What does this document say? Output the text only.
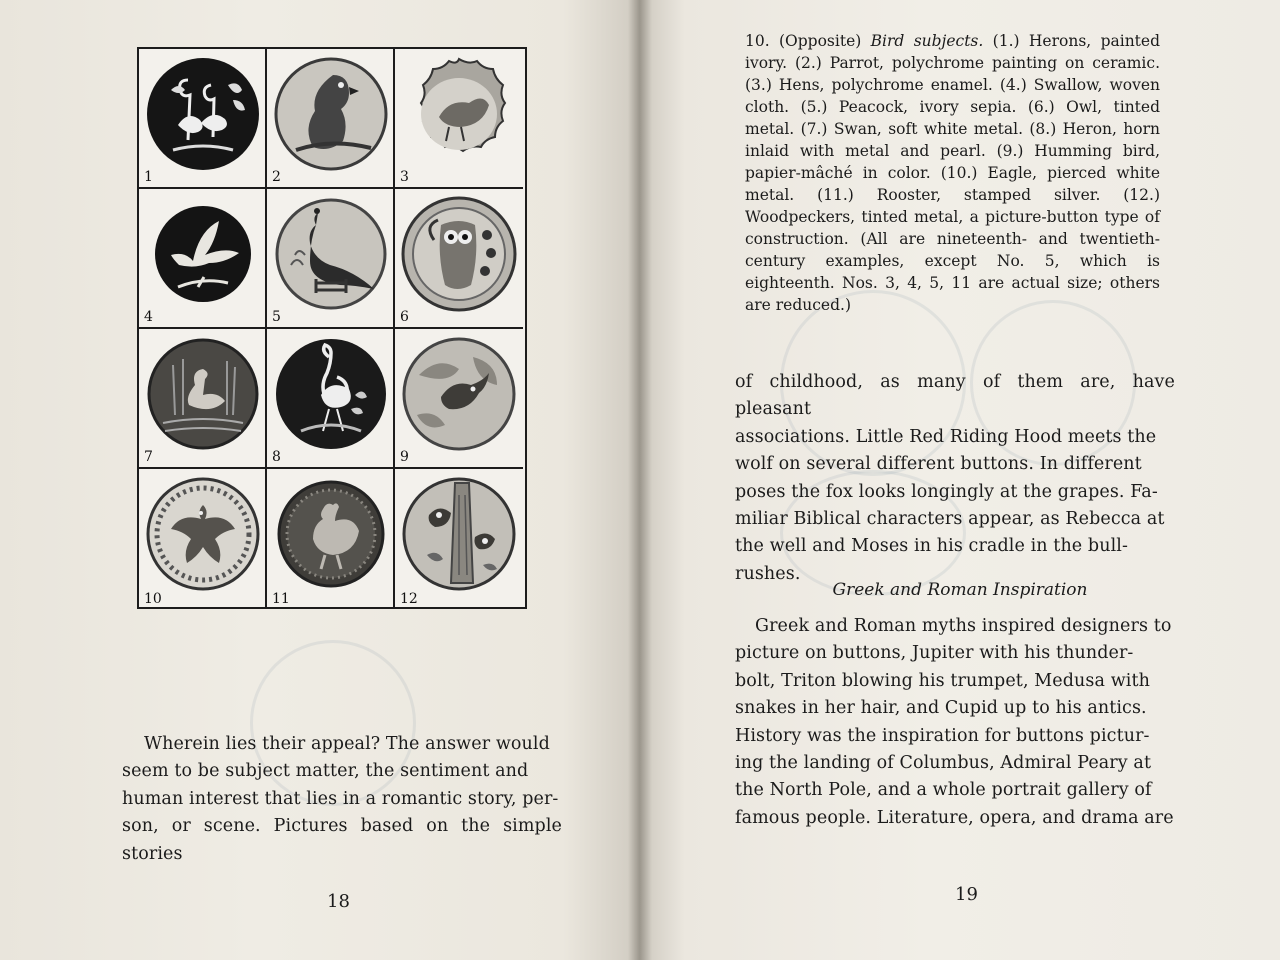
1	2	3
4	5	6
7	8	9
10	11	12
Wherein lies their appeal? The answer would
seem to be subject matter, the sentiment and
human interest that lies in a romantic story, per-
son, or scene. Pictures based on the simple stories
18
10. (Opposite) Bird subjects. (1.) Herons, painted ivory. (2.) Parrot, polychrome painting on ceramic. (3.) Hens, polychrome enamel. (4.) Swallow, woven cloth. (5.) Peacock, ivory sepia. (6.) Owl, tinted metal. (7.) Swan, soft white metal. (8.) Heron, horn inlaid with metal and pearl. (9.) Humming bird, papier-mâché in color. (10.) Eagle, pierced white metal. (11.) Rooster, stamped silver. (12.) Woodpeckers, tinted metal, a picture-button type of construction. (All are nineteenth- and twentieth-century examples, except No. 5, which is eighteenth. Nos. 3, 4, 5, 11 are actual size; others are reduced.)
of childhood, as many of them are, have pleasant
associations. Little Red Riding Hood meets the
wolf on several different buttons. In different
poses the fox looks longingly at the grapes. Fa-
miliar Biblical characters appear, as Rebecca at
the well and Moses in his cradle in the bull-
rushes.
Greek and Roman Inspiration
Greek and Roman myths inspired designers to
picture on buttons, Jupiter with his thunder-
bolt, Triton blowing his trumpet, Medusa with
snakes in her hair, and Cupid up to his antics.
History was the inspiration for buttons pictur-
ing the landing of Columbus, Admiral Peary at
the North Pole, and a whole portrait gallery of
famous people. Literature, opera, and drama are
19
